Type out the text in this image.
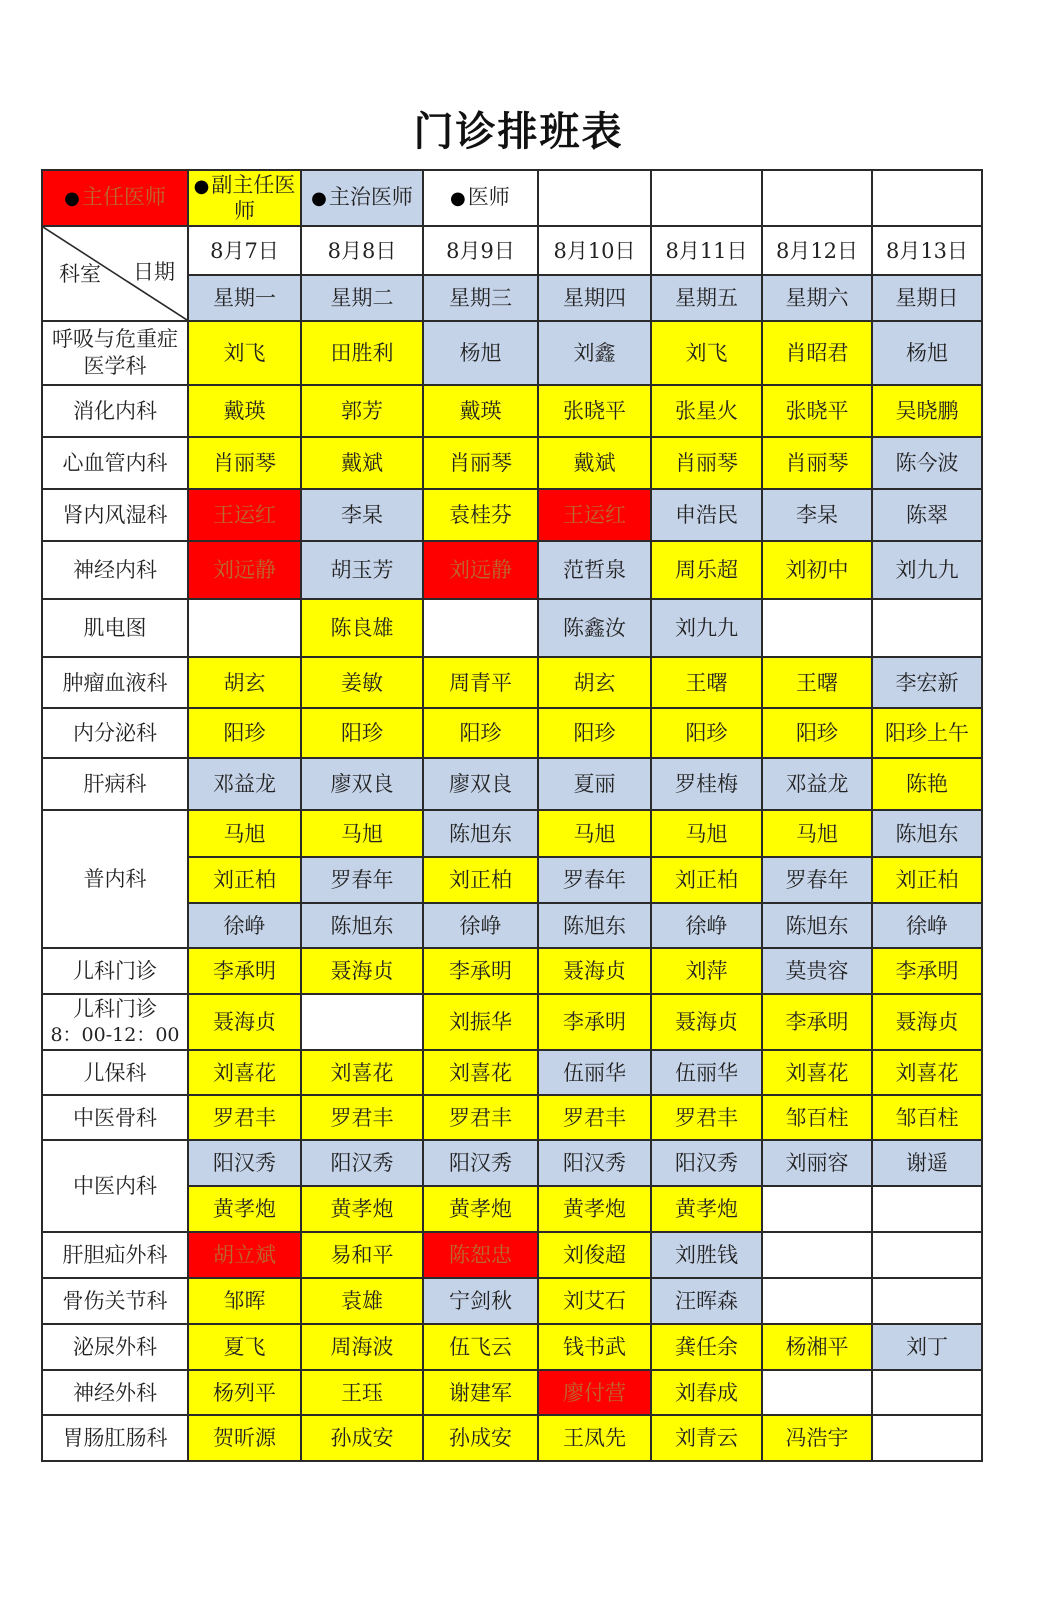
门诊排班表
●主任医师	●副主任医师	●主治医师	●医师				

科室 日期	8月7日	8月8日	8月9日	8月10日	8月11日	8月12日	8月13日
	星期一	星期二	星期三	星期四	星期五	星期六	星期日
呼吸与危重症医学科	刘飞	田胜利	杨旭	刘鑫	刘飞	肖昭君	杨旭

消化内科	戴瑛	郭芳	戴瑛	张晓平	张星火	张晓平	吴晓鹏

心血管内科	肖丽琴	戴斌	肖丽琴	戴斌	肖丽琴	肖丽琴	陈今波

肾内风湿科	王运红	李杲	袁桂芬	王运红	申浩民	李杲	陈翠

神经内科	刘远静	胡玉芳	刘远静	范哲泉	周乐超	刘初中	刘九九

肌电图		陈良雄		陈鑫汝	刘九九		

肿瘤血液科	胡玄	姜敏	周青平	胡玄	王曙	王曙	李宏新

内分泌科	阳珍	阳珍	阳珍	阳珍	阳珍	阳珍	阳珍上午

肝病科	邓益龙	廖双良	廖双良	夏丽	罗桂梅	邓益龙	陈艳

普内科	马旭	马旭	陈旭东	马旭	马旭	马旭	陈旭东
	刘正柏	罗春年	刘正柏	罗春年	刘正柏	罗春年	刘正柏
	徐峥	陈旭东	徐峥	陈旭东	徐峥	陈旭东	徐峥

儿科门诊	李承明	聂海贞	李承明	聂海贞	刘萍	莫贵容	李承明

儿科门诊
8：00-12：00	聂海贞		刘振华	李承明	聂海贞	李承明	聂海贞

儿保科	刘喜花	刘喜花	刘喜花	伍丽华	伍丽华	刘喜花	刘喜花

中医骨科	罗君丰	罗君丰	罗君丰	罗君丰	罗君丰	邹百柱	邹百柱

中医内科	阳汉秀	阳汉秀	阳汉秀	阳汉秀	阳汉秀	刘丽容	谢遥
	黄孝炮	黄孝炮	黄孝炮	黄孝炮	黄孝炮		

肝胆疝外科	胡立斌	易和平	陈恕忠	刘俊超	刘胜钱		

骨伤关节科	邹晖	袁雄	宁剑秋	刘艾石	汪晖森		

泌尿外科	夏飞	周海波	伍飞云	钱书武	龚任余	杨湘平	刘丁

神经外科	杨列平	王珏	谢建军	廖付营	刘春成		

胃肠肛肠科	贺昕源	孙成安	孙成安	王凤先	刘青云	冯浩宇	
